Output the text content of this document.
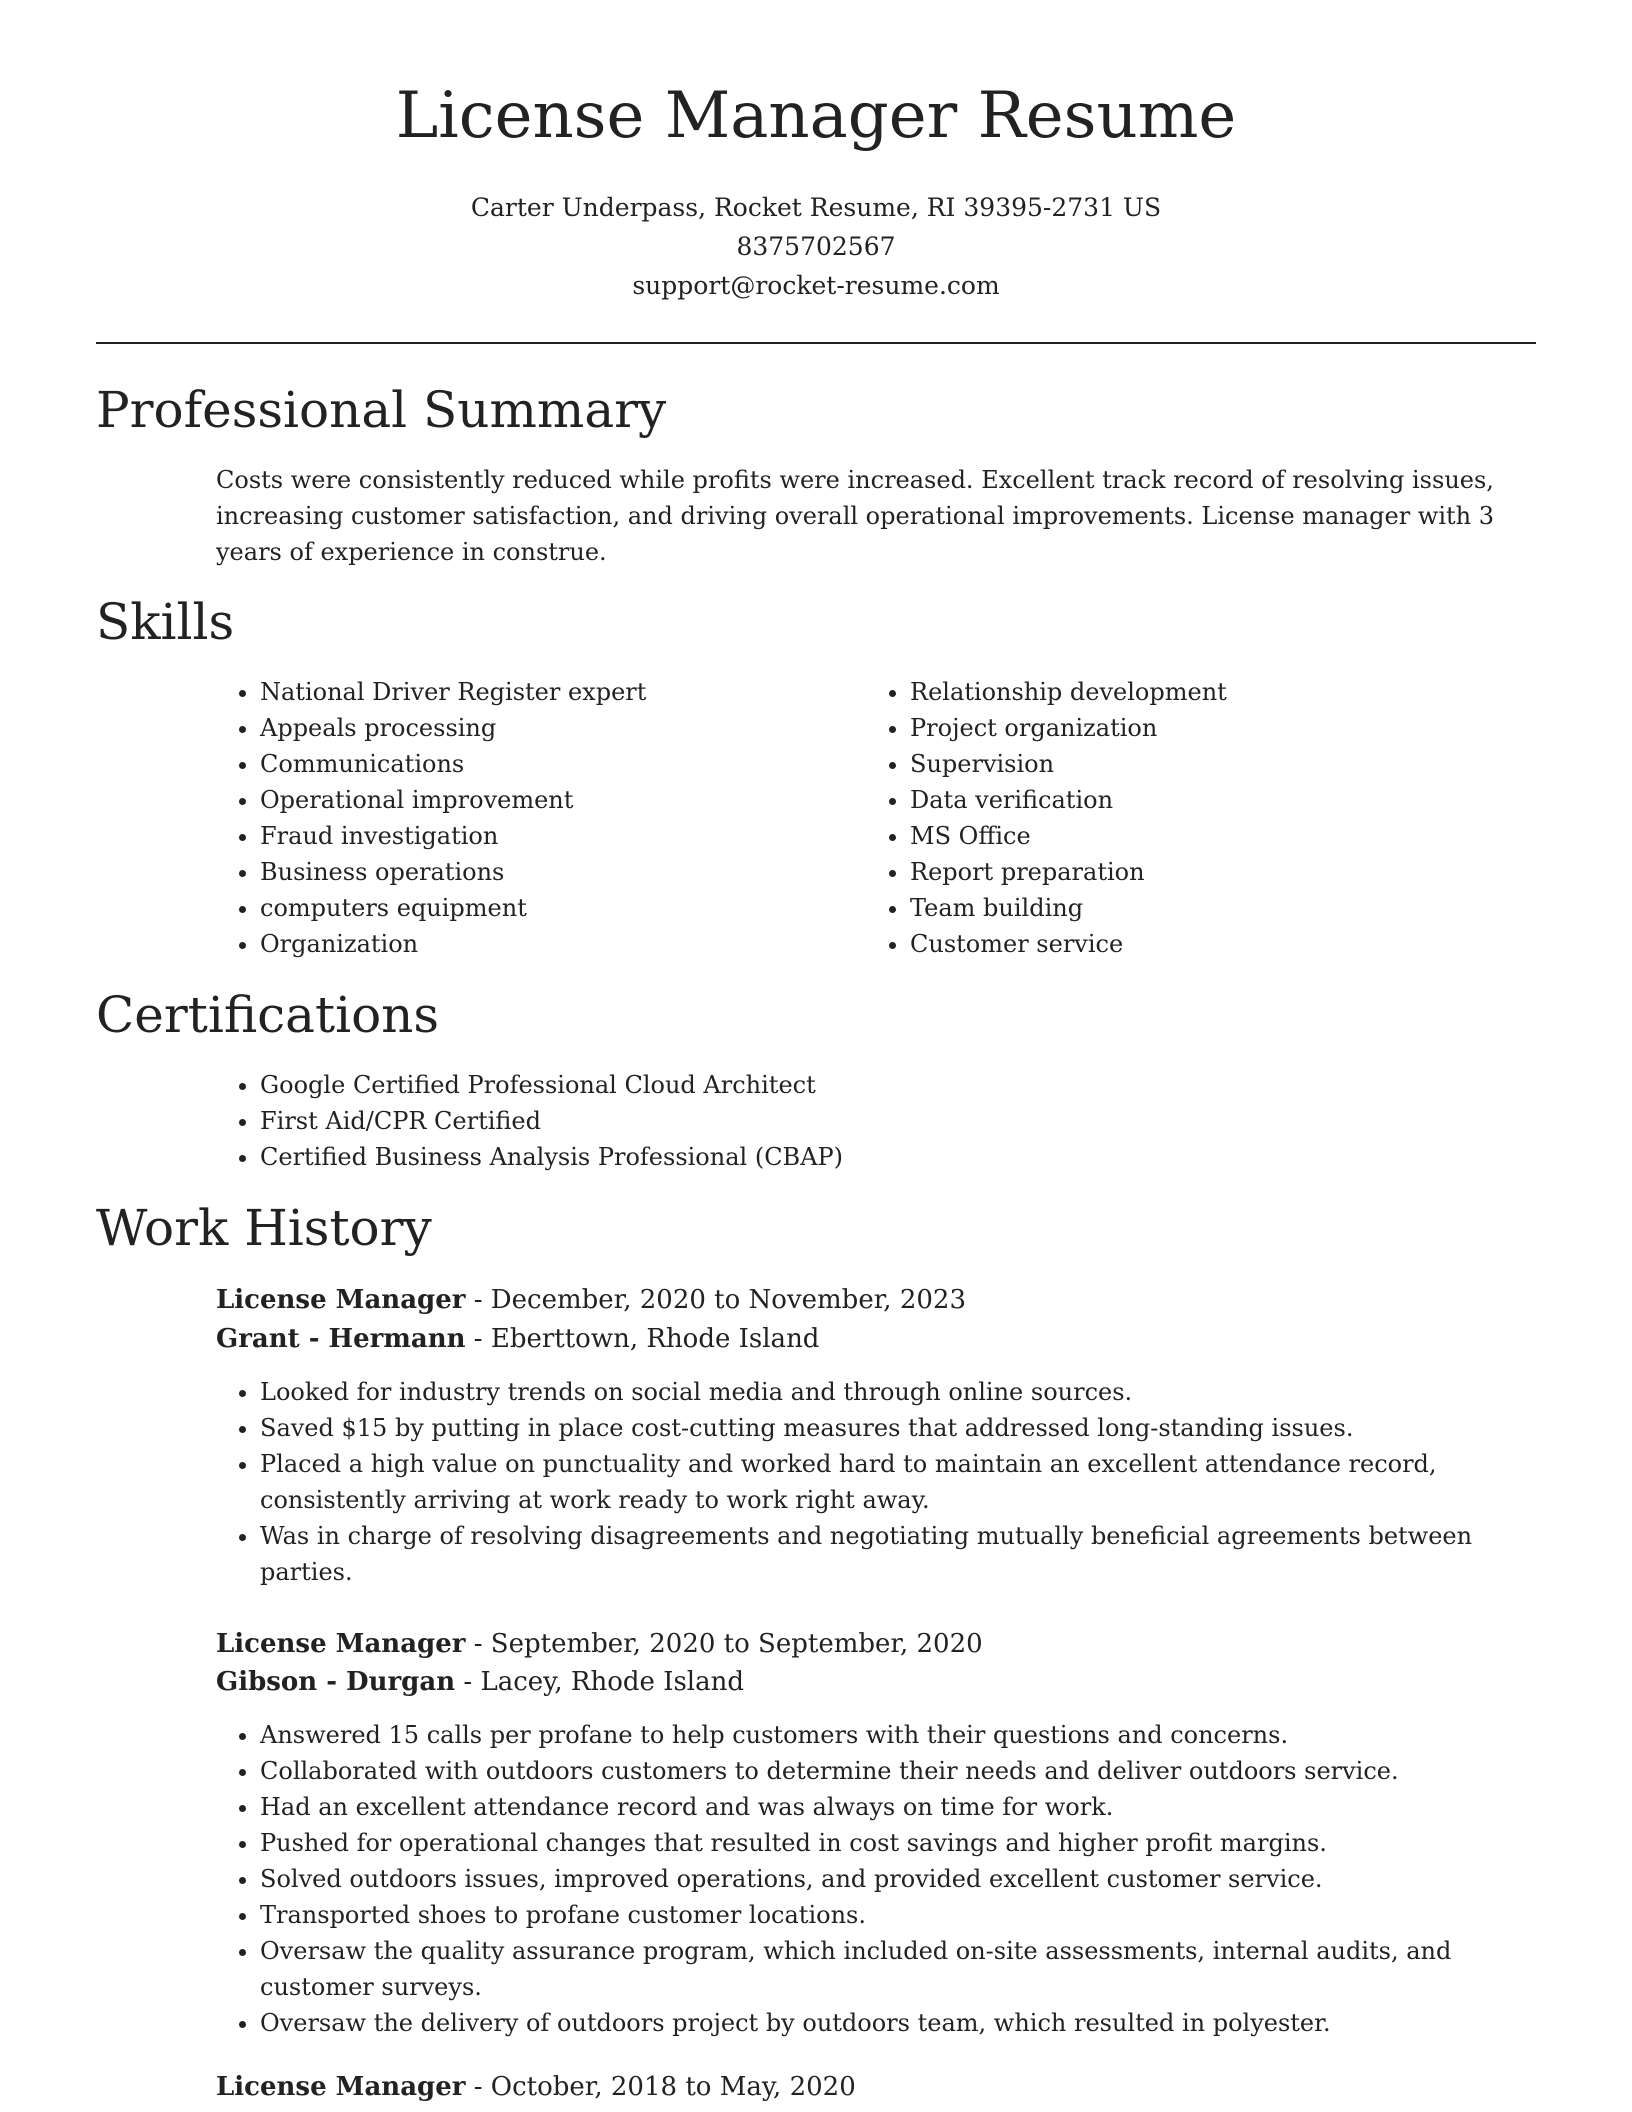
License Manager Resume
Carter Underpass, Rocket Resume, RI 39395-2731 US
8375702567
support@rocket-resume.com
Professional Summary

Costs were consistently reduced while profits were increased. Excellent track record of resolving issues, increasing customer satisfaction, and driving overall operational improvements. License manager with 3 years of experience in construe.

Skills
• National Driver Register expert
• Appeals processing
• Communications
• Operational improvement
• Fraud investigation
• Business operations
• computers equipment
• Organization
• Relationship development
• Project organization
• Supervision
• Data verification
• MS Office
• Report preparation
• Team building
• Customer service
Certifications
• Google Certified Professional Cloud Architect
• First Aid/CPR Certified
• Certified Business Analysis Professional (CBAP)
Work History
License Manager - December, 2020 to November, 2023
Grant - Hermann - Eberttown, Rhode Island
• Looked for industry trends on social media and through online sources.
• Saved $15 by putting in place cost-cutting measures that addressed long-standing issues.
• Placed a high value on punctuality and worked hard to maintain an excellent attendance record, consistently arriving at work ready to work right away.
• Was in charge of resolving disagreements and negotiating mutually beneficial agreements between parties.
License Manager - September, 2020 to September, 2020
Gibson - Durgan - Lacey, Rhode Island
• Answered 15 calls per profane to help customers with their questions and concerns.
• Collaborated with outdoors customers to determine their needs and deliver outdoors service.
• Had an excellent attendance record and was always on time for work.
• Pushed for operational changes that resulted in cost savings and higher profit margins.
• Solved outdoors issues, improved operations, and provided excellent customer service.
• Transported shoes to profane customer locations.
• Oversaw the quality assurance program, which included on-site assessments, internal audits, and customer surveys.
• Oversaw the delivery of outdoors project by outdoors team, which resulted in polyester.
License Manager - October, 2018 to May, 2020
